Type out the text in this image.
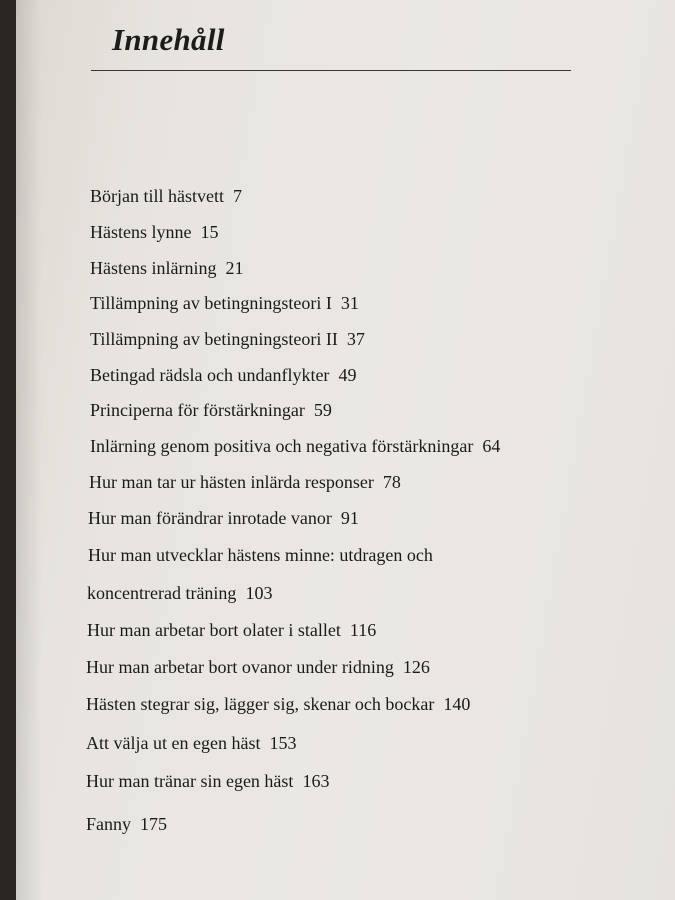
Innehåll
Början till hästvett 7
Hästens lynne 15
Hästens inlärning 21
Tillämpning av betingningsteori I 31
Tillämpning av betingningsteori II 37
Betingad rädsla och undanflykter 49
Principerna för förstärkningar 59
Inlärning genom positiva och negativa förstärkningar 64
Hur man tar ur hästen inlärda responser 78
Hur man förändrar inrotade vanor 91
Hur man utvecklar hästens minne: utdragen och
koncentrerad träning 103
Hur man arbetar bort olater i stallet 116
Hur man arbetar bort ovanor under ridning 126
Hästen stegrar sig, lägger sig, skenar och bockar 140
Att välja ut en egen häst 153
Hur man tränar sin egen häst 163
Fanny 175
